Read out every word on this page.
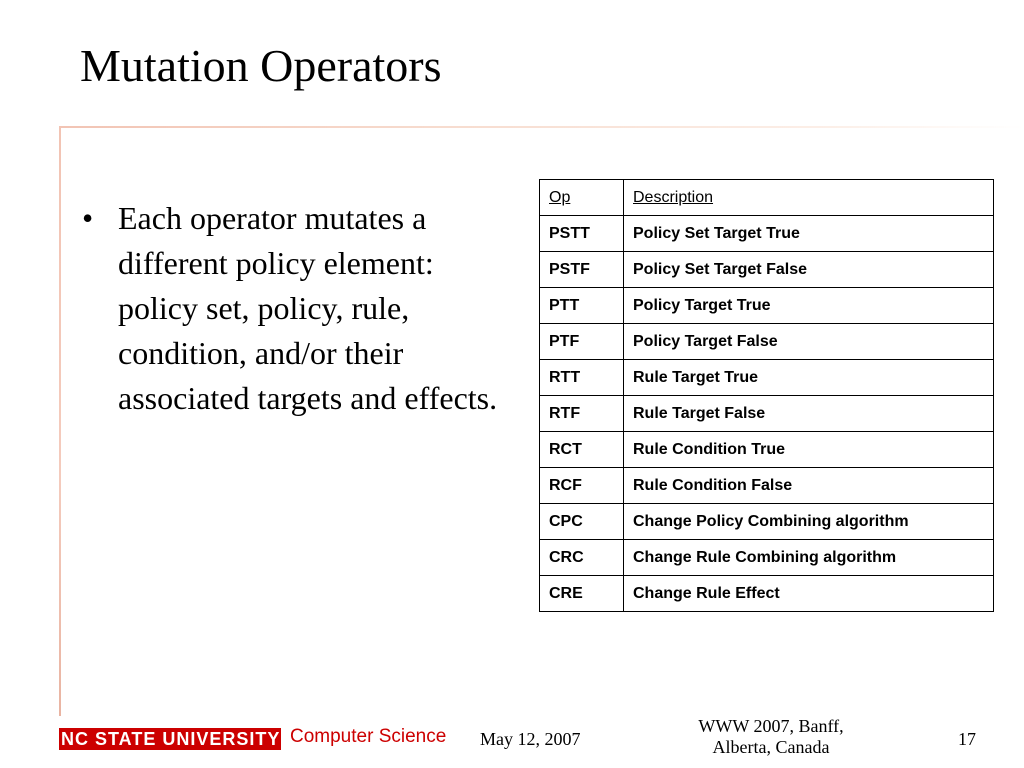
Mutation Operators
• Each operator mutates a different policy element: policy set, policy, rule, condition, and/or their associated targets and effects.
Op	Description
PSTT	Policy Set Target True
PSTF	Policy Set Target False
PTT	Policy Target True
PTF	Policy Target False
RTT	Rule Target True
RTF	Rule Target False
RCT	Rule Condition True
RCF	Rule Condition False
CPC	Change Policy Combining algorithm
CRC	Change Rule Combining algorithm
CRE	Change Rule Effect
NC STATE UNIVERSITY Computer Science May 12, 2007
WWW 2007, Banff,
Alberta, Canada	17
